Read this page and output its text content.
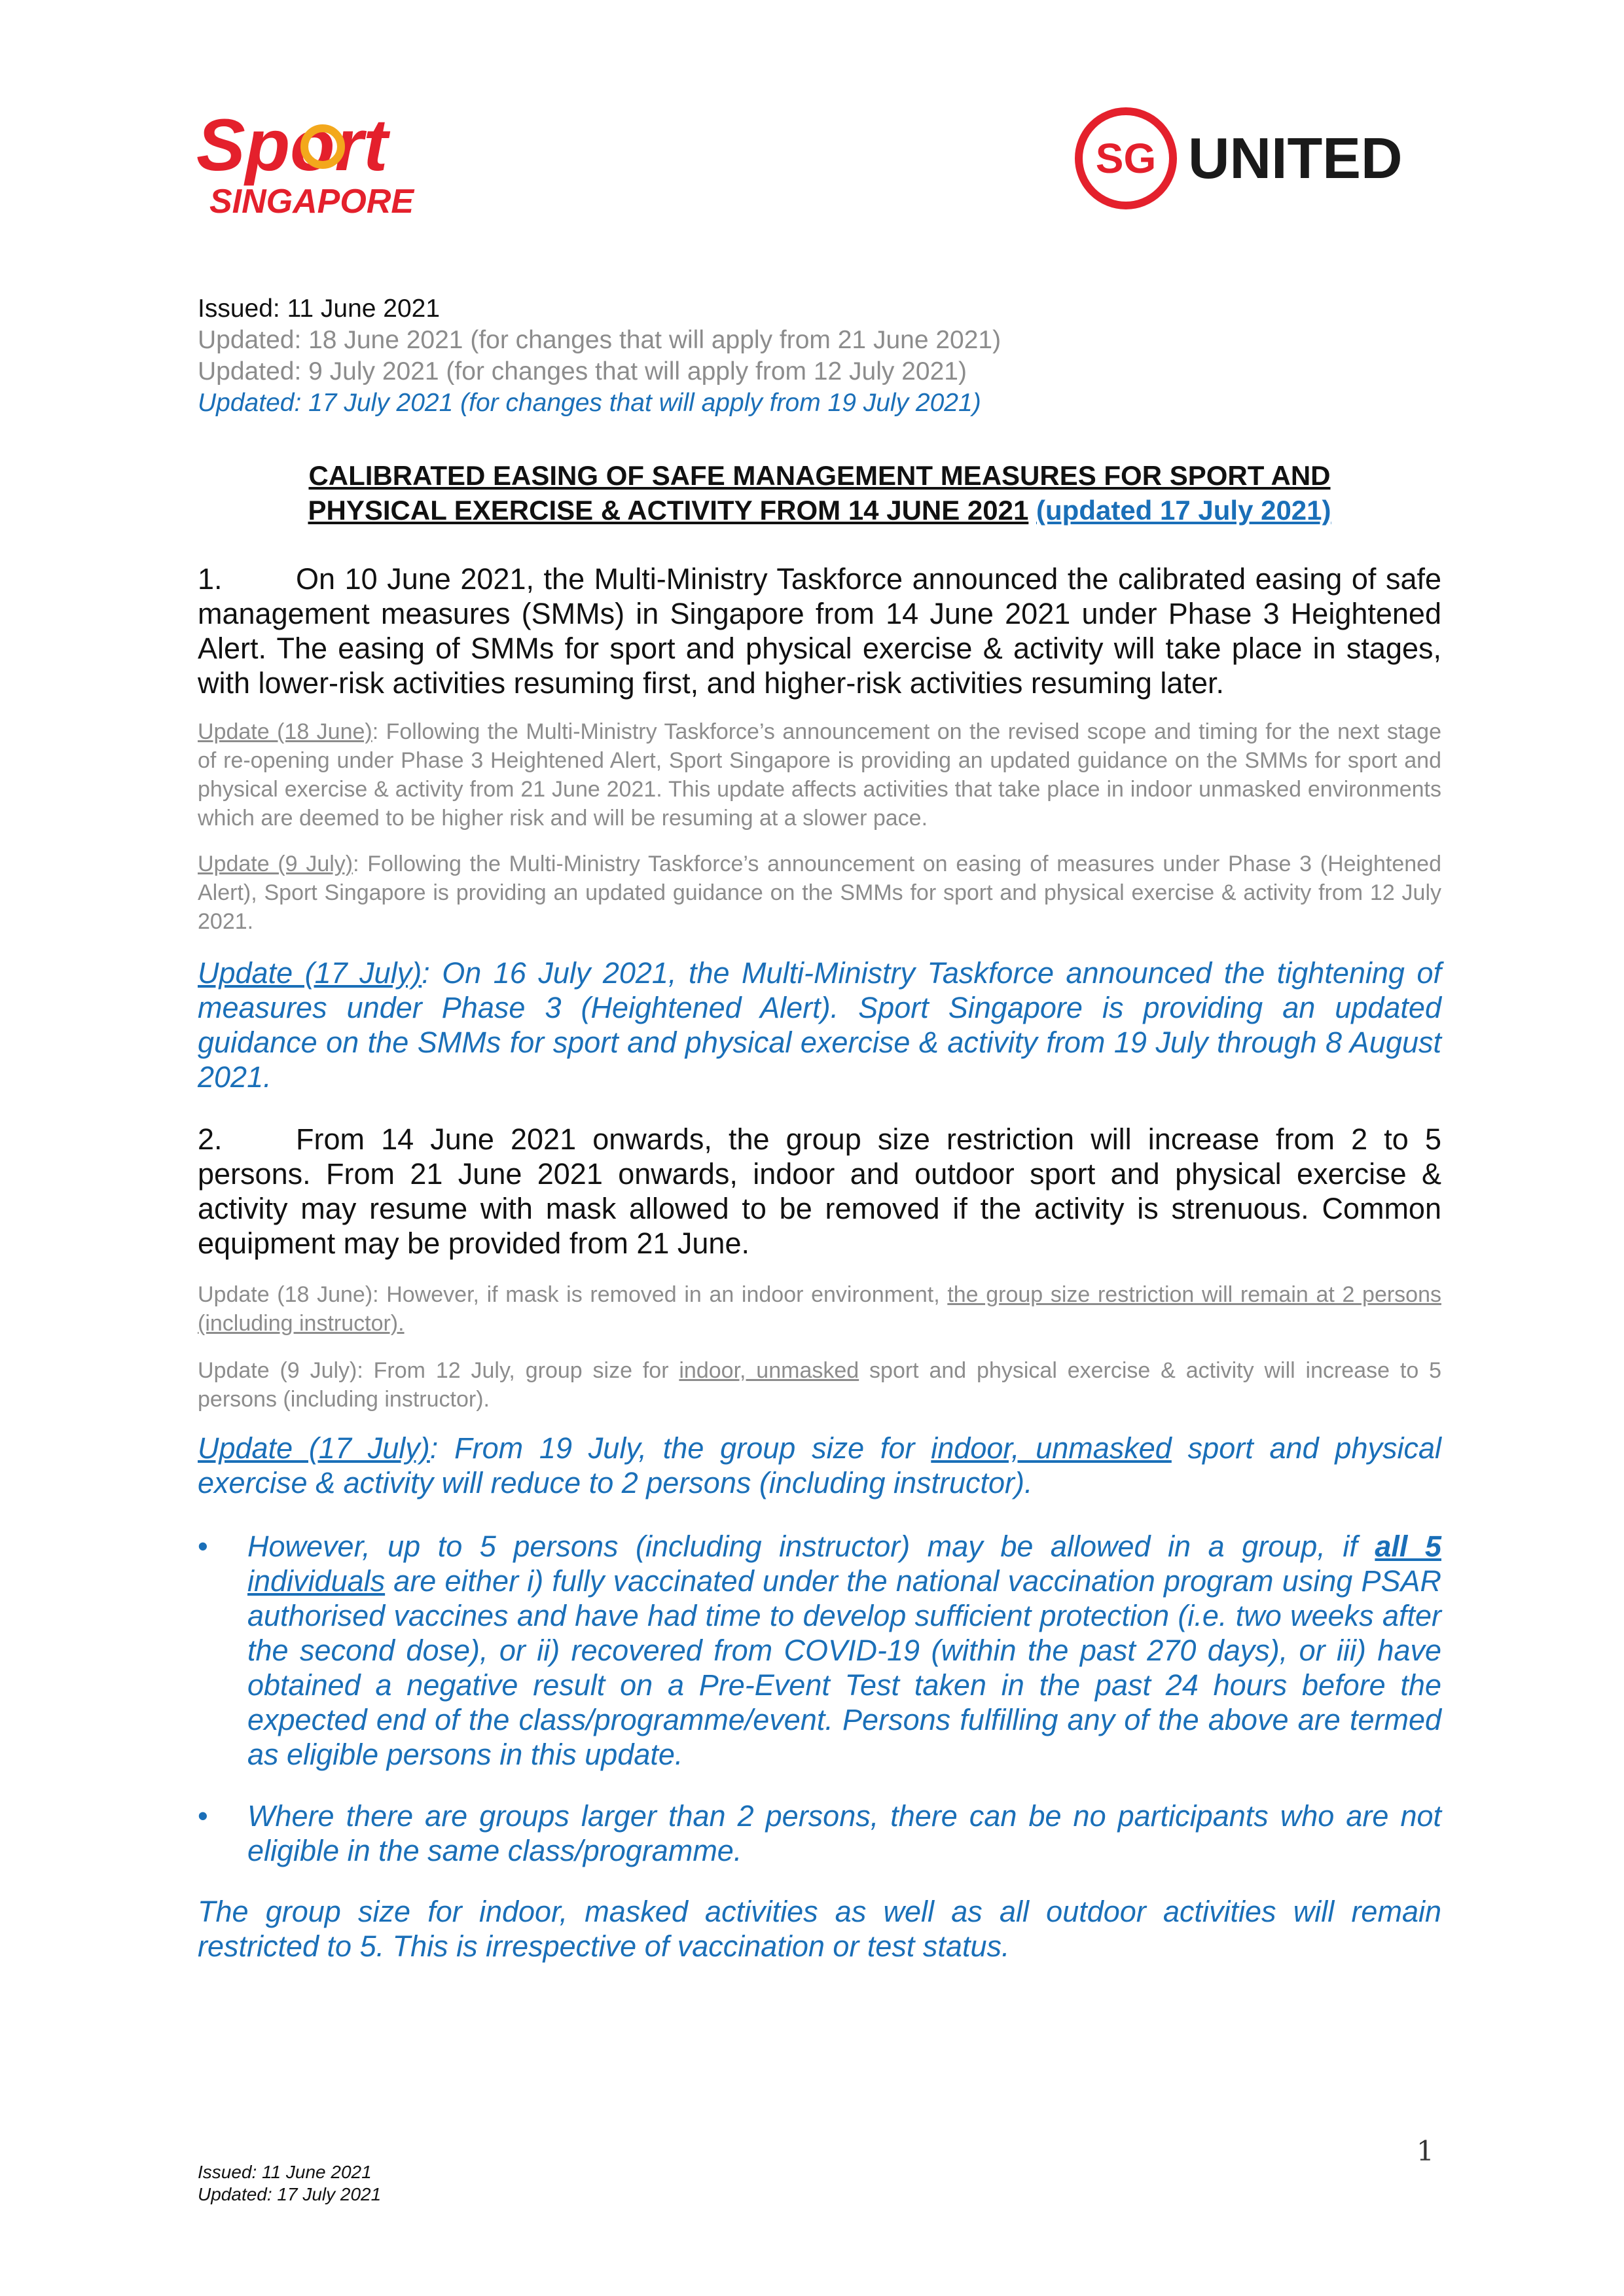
Sport
SINGAPORE
SG UNITED
Issued: 11 June 2021
Updated: 18 June 2021 (for changes that will apply from 21 June 2021)
Updated: 9 July 2021 (for changes that will apply from 12 July 2021)
Updated: 17 July 2021 (for changes that will apply from 19 July 2021)
CALIBRATED EASING OF SAFE MANAGEMENT MEASURES FOR SPORT AND
PHYSICAL EXERCISE & ACTIVITY FROM 14 JUNE 2021 (updated 17 July 2021)
1. On 10 June 2021, the Multi-Ministry Taskforce announced the calibrated easing of safe management measures (SMMs) in Singapore from 14 June 2021 under Phase 3 Heightened Alert. The easing of SMMs for sport and physical exercise & activity will take place in stages, with lower-risk activities resuming first, and higher-risk activities resuming later.
Update (18 June): Following the Multi-Ministry Taskforce’s announcement on the revised scope and timing for the next stage of re-opening under Phase 3 Heightened Alert, Sport Singapore is providing an updated guidance on the SMMs for sport and physical exercise & activity from 21 June 2021. This update affects activities that take place in indoor unmasked environments which are deemed to be higher risk and will be resuming at a slower pace.
Update (9 July): Following the Multi-Ministry Taskforce’s announcement on easing of measures under Phase 3 (Heightened Alert), Sport Singapore is providing an updated guidance on the SMMs for sport and physical exercise & activity from 12 July 2021.
Update (17 July): On 16 July 2021, the Multi-Ministry Taskforce announced the tightening of measures under Phase 3 (Heightened Alert). Sport Singapore is providing an updated guidance on the SMMs for sport and physical exercise & activity from 19 July through 8 August 2021.
2. From 14 June 2021 onwards, the group size restriction will increase from 2 to 5 persons. From 21 June 2021 onwards, indoor and outdoor sport and physical exercise & activity may resume with mask allowed to be removed if the activity is strenuous. Common equipment may be provided from 21 June.
Update (18 June): However, if mask is removed in an indoor environment, the group size restriction will remain at 2 persons (including instructor).
Update (9 July): From 12 July, group size for indoor, unmasked sport and physical exercise & activity will increase to 5 persons (including instructor).
Update (17 July): From 19 July, the group size for indoor, unmasked sport and physical exercise & activity will reduce to 2 persons (including instructor).
•	However, up to 5 persons (including instructor) may be allowed in a group, if all 5 individuals are either i) fully vaccinated under the national vaccination program using PSAR authorised vaccines and have had time to develop sufficient protection (i.e. two weeks after the second dose), or ii) recovered from COVID-19 (within the past 270 days), or iii) have obtained a negative result on a Pre-Event Test taken in the past 24 hours before the expected end of the class/programme/event. Persons fulfilling any of the above are termed as eligible persons in this update.
•	Where there are groups larger than 2 persons, there can be no participants who are not eligible in the same class/programme.
The group size for indoor, masked activities as well as all outdoor activities will remain restricted to 5. This is irrespective of vaccination or test status.
1
Issued: 11 June 2021
Updated: 17 July 2021
